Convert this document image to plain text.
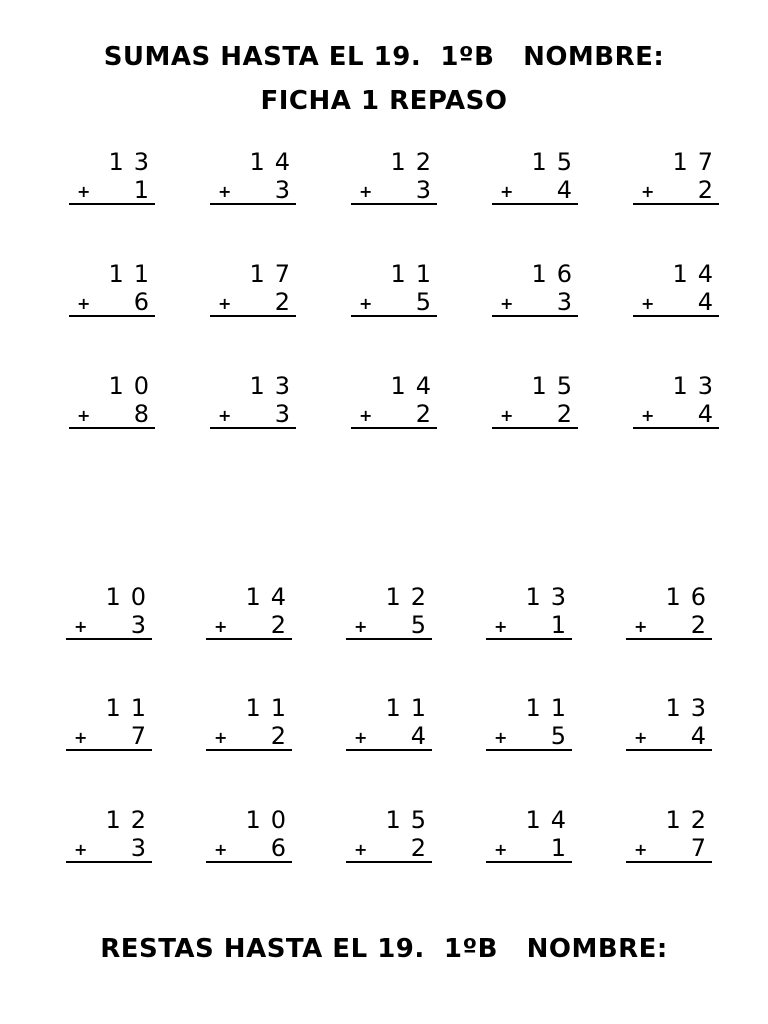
SUMAS HASTA EL 19.  1ºB   NOMBRE:
FICHA 1 REPASO
13
+ 1
14
+ 3
12
+ 3
15
+ 4
17
+ 2
11
+ 6
17
+ 2
11
+ 5
16
+ 3
14
+ 4
10
+ 8
13
+ 3
14
+ 2
15
+ 2
13
+ 4
10
+ 3
14
+ 2
12
+ 5
13
+ 1
16
+ 2
11
+ 7
11
+ 2
11
+ 4
11
+ 5
13
+ 4
12
+ 3
10
+ 6
15
+ 2
14
+ 1
12
+ 7
RESTAS HASTA EL 19.  1ºB   NOMBRE:
